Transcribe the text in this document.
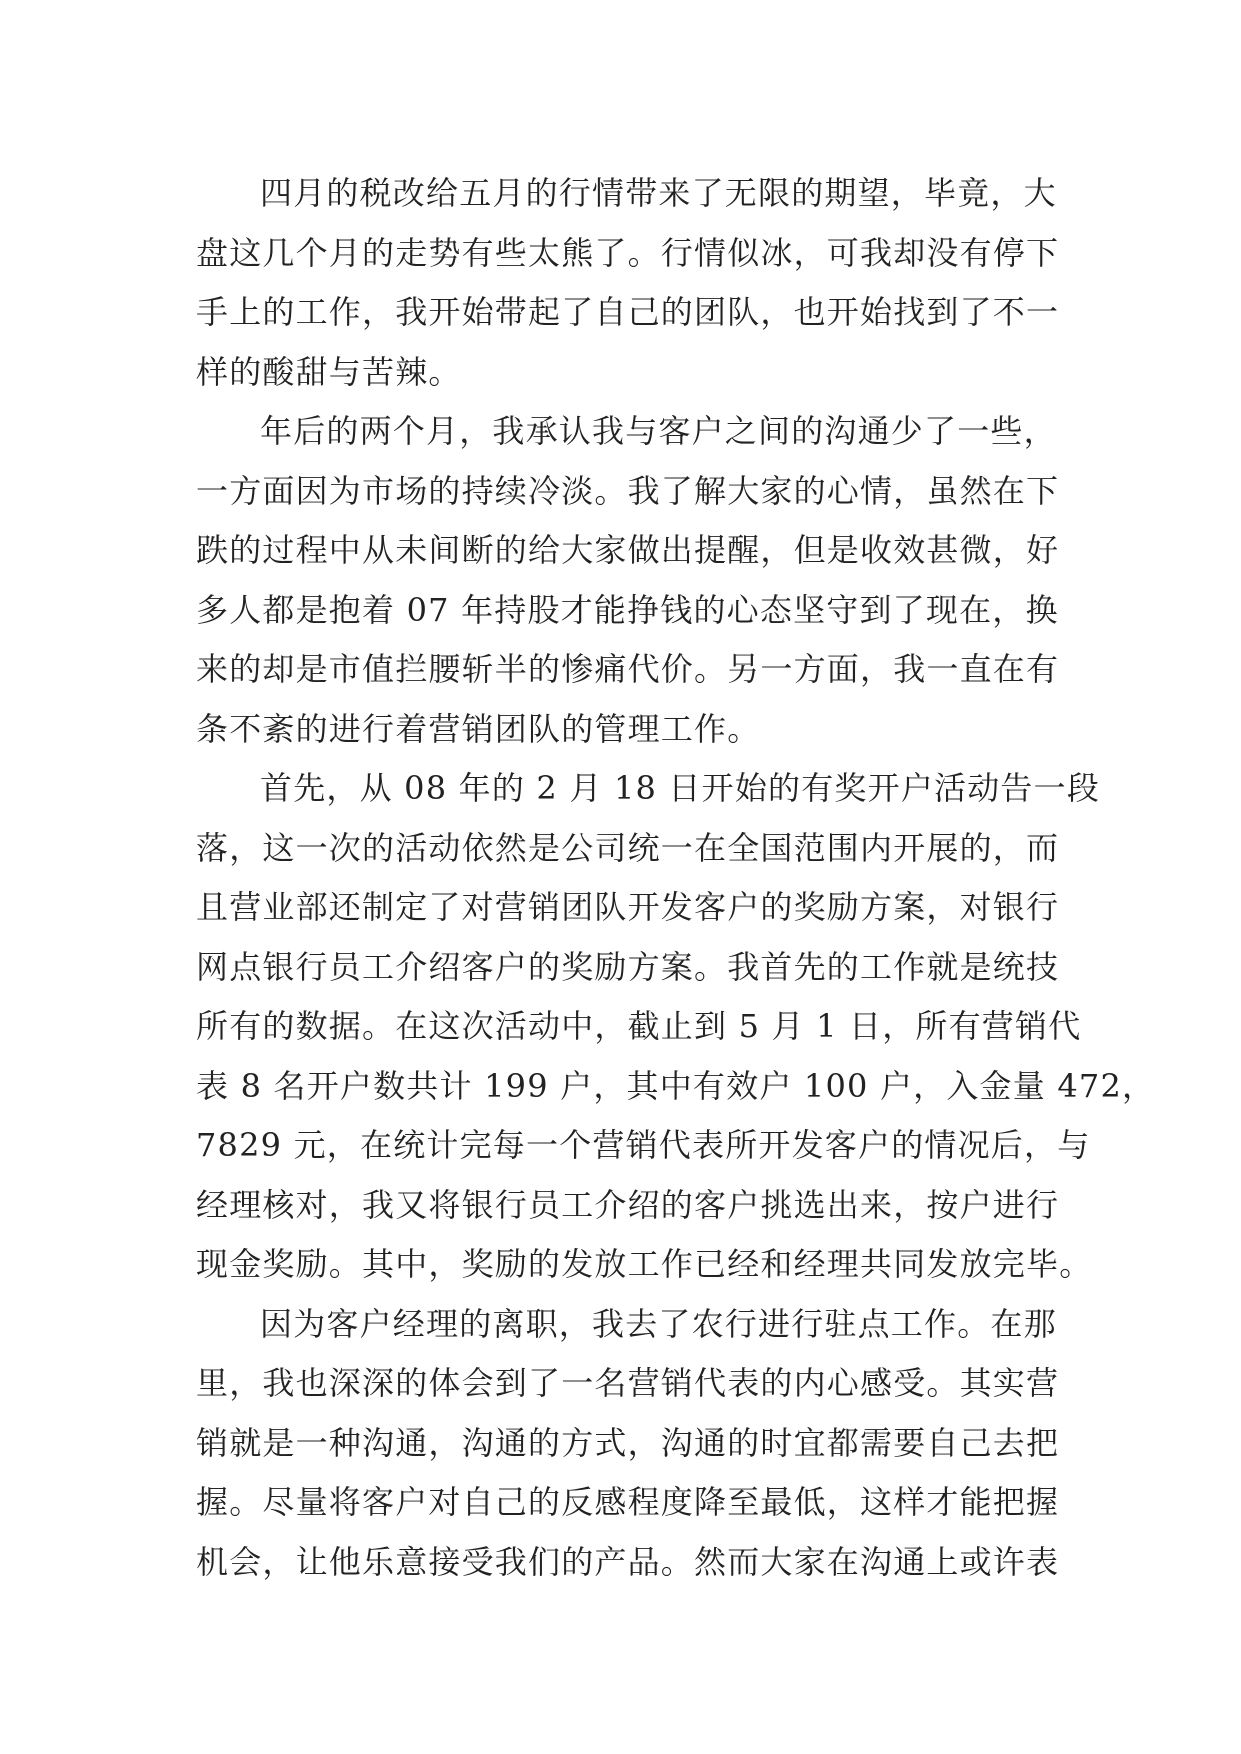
四月的税改给五月的行情带来了无限的期望，毕竟，大
盘这几个月的走势有些太熊了。行情似冰，可我却没有停下
手上的工作，我开始带起了自己的团队，也开始找到了不一
样的酸甜与苦辣。
年后的两个月，我承认我与客户之间的沟通少了一些，
一方面因为市场的持续冷淡。我了解大家的心情，虽然在下
跌的过程中从未间断的给大家做出提醒，但是收效甚微，好
多人都是抱着 07 年持股才能挣钱的心态坚守到了现在，换
来的却是市值拦腰斩半的惨痛代价。另一方面，我一直在有
条不紊的进行着营销团队的管理工作。
首先，从 08 年的 2 月 18 日开始的有奖开户活动告一段
落，这一次的活动依然是公司统一在全国范围内开展的，而
且营业部还制定了对营销团队开发客户的奖励方案，对银行
网点银行员工介绍客户的奖励方案。我首先的工作就是统技
所有的数据。在这次活动中，截止到 5 月 1 日，所有营销代
表 8 名开户数共计 199 户，其中有效户 100 户，入金量 472，
7829 元，在统计完每一个营销代表所开发客户的情况后，与
经理核对，我又将银行员工介绍的客户挑选出来，按户进行
现金奖励。其中，奖励的发放工作已经和经理共同发放完毕。
因为客户经理的离职，我去了农行进行驻点工作。在那
里，我也深深的体会到了一名营销代表的内心感受。其实营
销就是一种沟通，沟通的方式，沟通的时宜都需要自己去把
握。尽量将客户对自己的反感程度降至最低，这样才能把握
机会，让他乐意接受我们的产品。然而大家在沟通上或许表
